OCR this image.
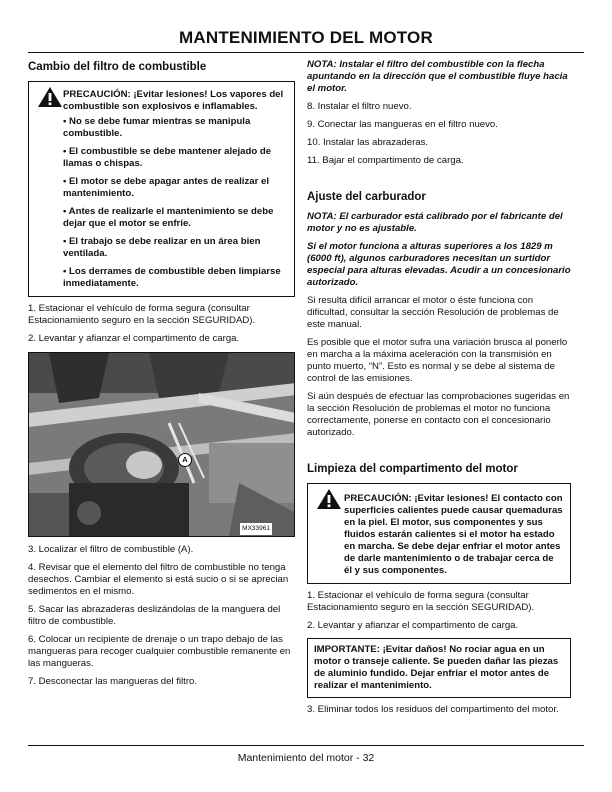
MANTENIMIENTO DEL MOTOR
Cambio del filtro de combustible
PRECAUCIÓN: ¡Evitar lesiones! Los vapores del combustible son explosivos e inflamables.
• No se debe fumar mientras se manipula combustible.
• El combustible se debe mantener alejado de llamas o chispas.
• El motor se debe apagar antes de realizar el mantenimiento.
• Antes de realizarle el mantenimiento se debe dejar que el motor se enfríe.
• El trabajo se debe realizar en un área bien ventilada.
• Los derrames de combustible deben limpiarse inmediatamente.

1. Estacionar el vehículo de forma segura (consultar Estacionamiento seguro en la sección SEGURIDAD).

2. Levantar y afianzar el compartimento de carga.

A
MX33961

3. Localizar el filtro de combustible (A).

4. Revisar que el elemento del filtro de combustible no tenga desechos. Cambiar el elemento si está sucio o si se aprecian sedimentos en el mismo.

5. Sacar las abrazaderas deslizándolas de la manguera del filtro de combustible.

6. Colocar un recipiente de drenaje o un trapo debajo de las mangueras para recoger cualquier combustible remanente en las mangueras.

7. Desconectar las mangueras del filtro.

NOTA: Instalar el filtro del combustible con la flecha apuntando en la dirección que el combustible fluye hacia el motor.

8. Instalar el filtro nuevo.

9. Conectar las mangueras en el filtro nuevo.

10. Instalar las abrazaderas.

11. Bajar el compartimento de carga.

Ajuste del carburador

NOTA: El carburador está calibrado por el fabricante del motor y no es ajustable.

Si el motor funciona a alturas superiores a los 1829 m (6000 ft), algunos carburadores necesitan un surtidor especial para alturas elevadas. Acudir a un concesionario autorizado.

Si resulta difícil arrancar el motor o éste funciona con dificultad, consultar la sección Resolución de problemas de este manual.

Es posible que el motor sufra una variación brusca al ponerlo en marcha a la máxima aceleración con la transmisión en punto muerto, “N”. Esto es normal y se debe al sistema de control de las emisiones.

Si aún después de efectuar las comprobaciones sugeridas en la sección Resolución de problemas el motor no funciona correctamente, ponerse en contacto con el concesionario autorizado.

Limpieza del compartimento del motor
PRECAUCIÓN: ¡Evitar lesiones! El contacto con superficies calientes puede causar quemaduras en la piel. El motor, sus componentes y sus fluidos estarán calientes si el motor ha estado en marcha. Se debe dejar enfriar el motor antes de darle mantenimiento o de trabajar cerca de él y sus componentes.

1. Estacionar el vehículo de forma segura (consultar Estacionamiento seguro en la sección SEGURIDAD).

2. Levantar y afianzar el compartimento de carga.

IMPORTANTE: ¡Evitar daños! No rociar agua en un motor o transeje caliente. Se pueden dañar las piezas de aluminio fundido. Dejar enfriar el motor antes de realizar el mantenimiento.

3. Eliminar todos los residuos del compartimento del motor.

Mantenimiento del motor - 32
